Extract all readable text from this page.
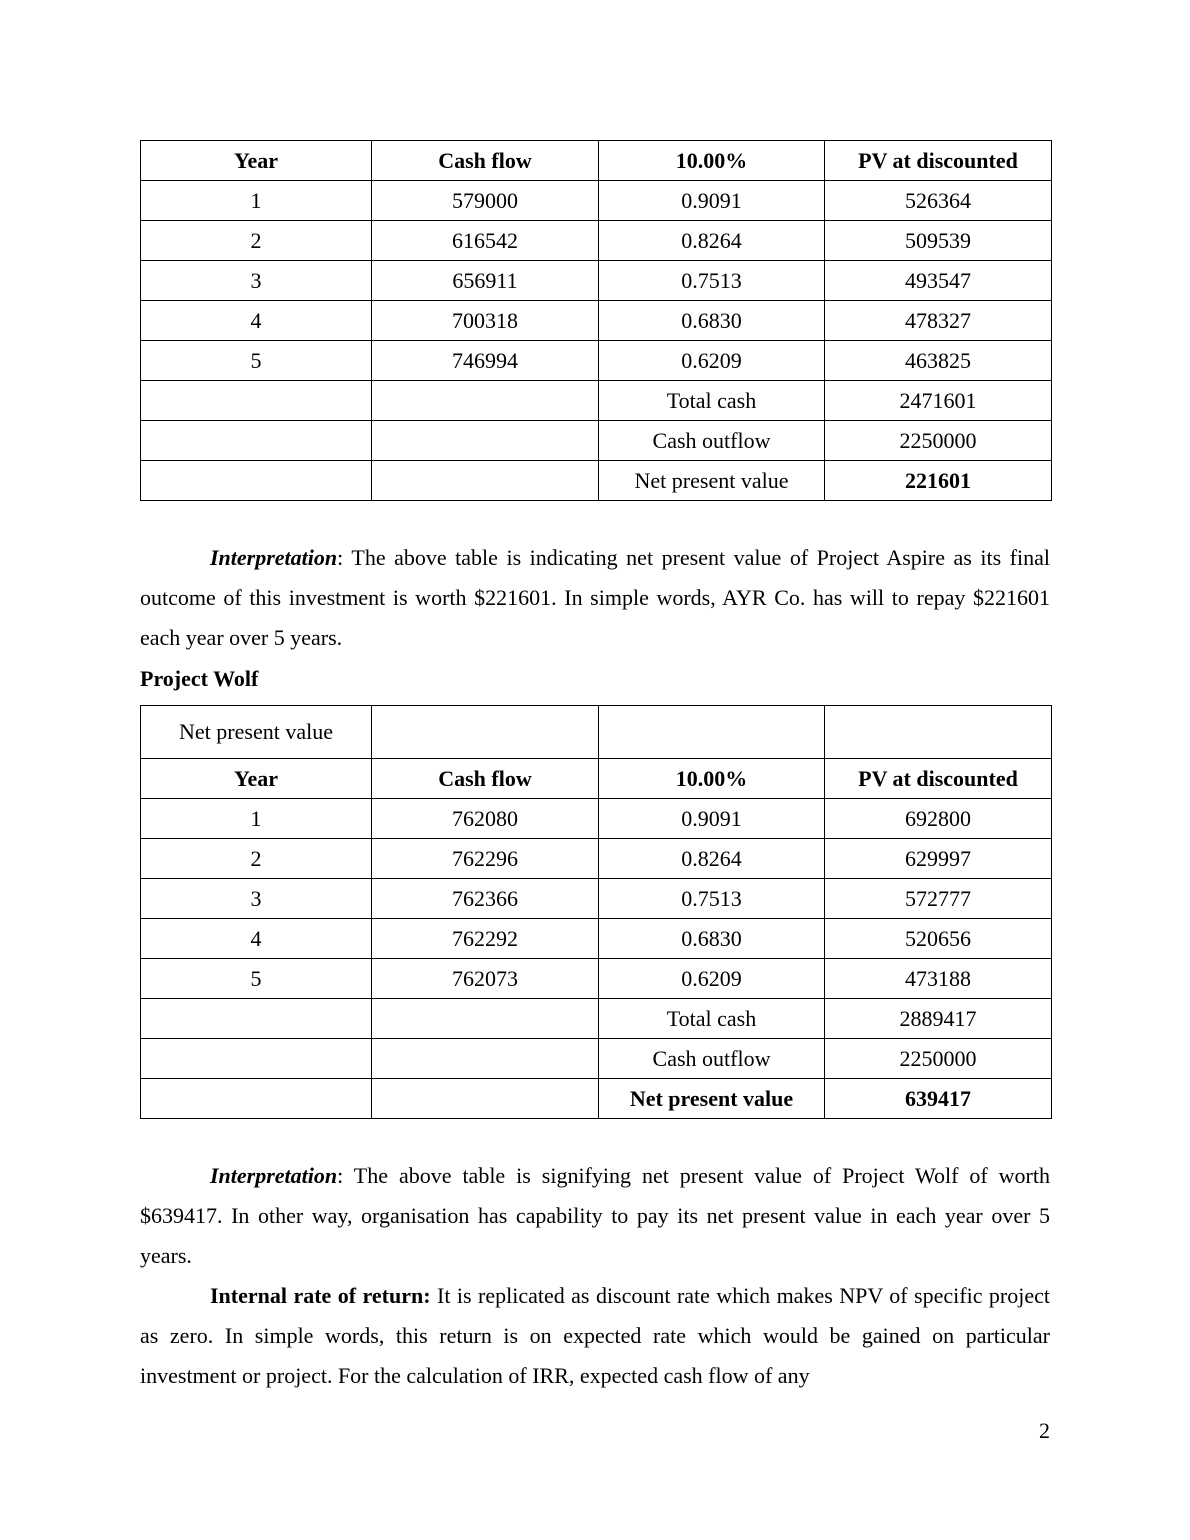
Year	Cash flow	10.00%	PV at discounted
1	579000	0.9091	526364
2	616542	0.8264	509539
3	656911	0.7513	493547
4	700318	0.6830	478327
5	746994	0.6209	463825
		Total cash	2471601
		Cash outflow	2250000
		Net present value	221601

Interpretation: The above table is indicating net present value of Project Aspire as its final outcome of this investment is worth $221601. In simple words, AYR Co. has will to repay $221601 each year over 5 years.

Project Wolf
Net present value			
Year	Cash flow	10.00%	PV at discounted
1	762080	0.9091	692800
2	762296	0.8264	629997
3	762366	0.7513	572777
4	762292	0.6830	520656
5	762073	0.6209	473188
		Total cash	2889417
		Cash outflow	2250000
		Net present value	639417

Interpretation: The above table is signifying net present value of Project Wolf of worth $639417. In other way, organisation has capability to pay its net present value in each year over 5 years.

Internal rate of return: It is replicated as discount rate which makes NPV of specific project as zero. In simple words, this return is on expected rate which would be gained on particular investment or project. For the calculation of IRR, expected cash flow of any

2
